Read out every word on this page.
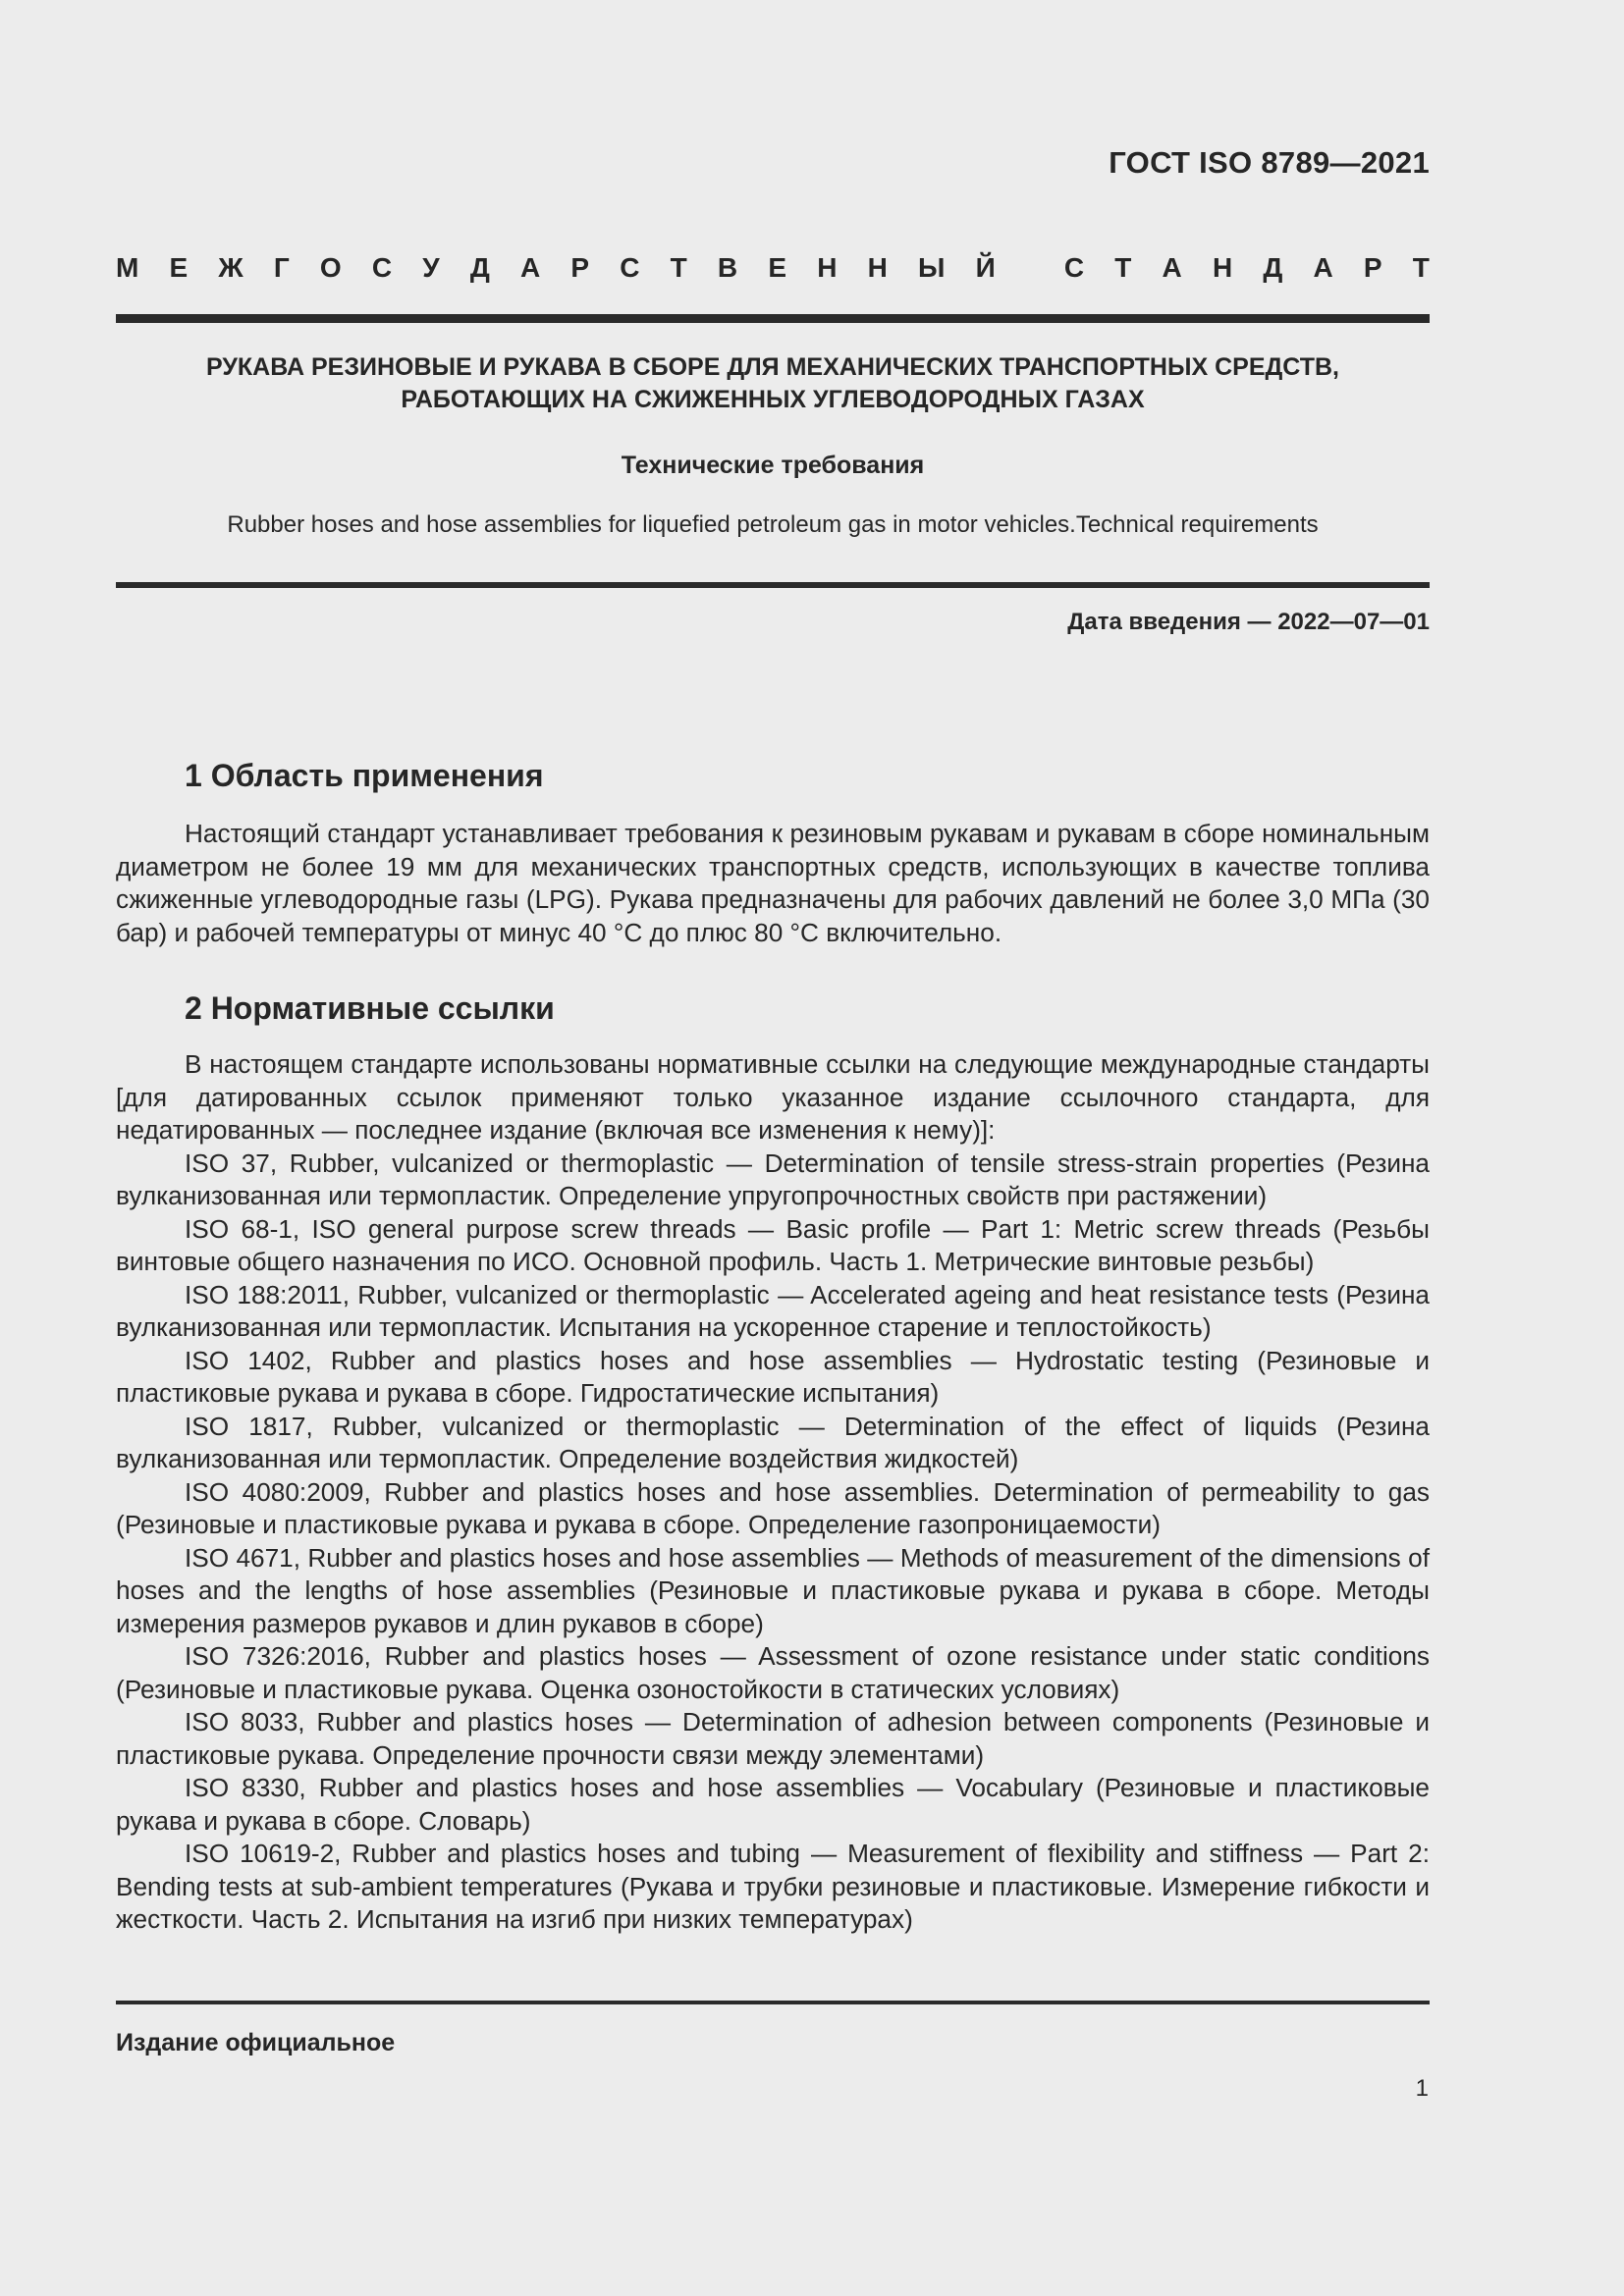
ГОСТ ISO 8789—2021
М Е Ж Г О С У Д А Р С Т В Е Н Н Ы Й
	С Т А Н Д А Р Т
РУКАВА РЕЗИНОВЫЕ И РУКАВА В СБОРЕ ДЛЯ МЕХАНИЧЕСКИХ ТРАНСПОРТНЫХ СРЕДСТВ,
РАБОТАЮЩИХ НА СЖИЖЕННЫХ УГЛЕВОДОРОДНЫХ ГАЗАХ
Технические требования
Rubber hoses and hose assemblies for liquefied petroleum gas in motor vehicles.Technical requirements
Дата введения — 2022—07—01
1 Область применения

Настоящий стандарт устанавливает требования к резиновым рукавам и рукавам в сборе номинальным диаметром не более 19 мм для механических транспортных средств, использующих в качестве топлива сжиженные углеводородные газы (LPG). Рукава предназначены для рабочих давлений не более 3,0 МПа (30 бар) и рабочей температуры от минус 40 °С до плюс 80 °С включительно.

2 Нормативные ссылки

В настоящем стандарте использованы нормативные ссылки на следующие международные стандарты [для датированных ссылок применяют только указанное издание ссылочного стандарта, для недатированных — последнее издание (включая все изменения к нему)]:

ISO 37, Rubber, vulcanized or thermoplastic — Determination of tensile stress-strain properties (Резина вулканизованная или термопластик. Определение упругопрочностных свойств при растяжении)

ISO 68-1, ISO general purpose screw threads — Basic profile — Part 1: Metric screw threads (Резьбы винтовые общего назначения по ИСО. Основной профиль. Часть 1. Метрические винтовые резьбы)

ISO 188:2011, Rubber, vulcanized or thermoplastic — Accelerated ageing and heat resistance tests (Резина вулканизованная или термопластик. Испытания на ускоренное старение и теплостойкость)

ISO 1402, Rubber and plastics hoses and hose assemblies — Hydrostatic testing (Резиновые и пластиковые рукава и рукава в сборе. Гидростатические испытания)

ISO 1817, Rubber, vulcanized or thermoplastic — Determination of the effect of liquids (Резина вулканизованная или термопластик. Определение воздействия жидкостей)

ISO 4080:2009, Rubber and plastics hoses and hose assemblies. Determination of permeability to gas (Резиновые и пластиковые рукава и рукава в сборе. Определение газопроницаемости)

ISO 4671, Rubber and plastics hoses and hose assemblies — Methods of measurement of the dimensions of hoses and the lengths of hose assemblies (Резиновые и пластиковые рукава и рукава в сборе. Методы измерения размеров рукавов и длин рукавов в сборе)

ISO 7326:2016, Rubber and plastics hoses — Assessment of ozone resistance under static conditions (Резиновые и пластиковые рукава. Оценка озоностойкости в статических условиях)

ISO 8033, Rubber and plastics hoses — Determination of adhesion between components (Резиновые и пластиковые рукава. Определение прочности связи между элементами)

ISO 8330, Rubber and plastics hoses and hose assemblies — Vocabulary (Резиновые и пластиковые рукава и рукава в сборе. Словарь)

ISO 10619-2, Rubber and plastics hoses and tubing — Measurement of flexibility and stiffness — Part 2: Bending tests at sub-ambient temperatures (Рукава и трубки резиновые и пластиковые. Измерение гибкости и жесткости. Часть 2. Испытания на изгиб при низких температурах)

Издание официальное
1
